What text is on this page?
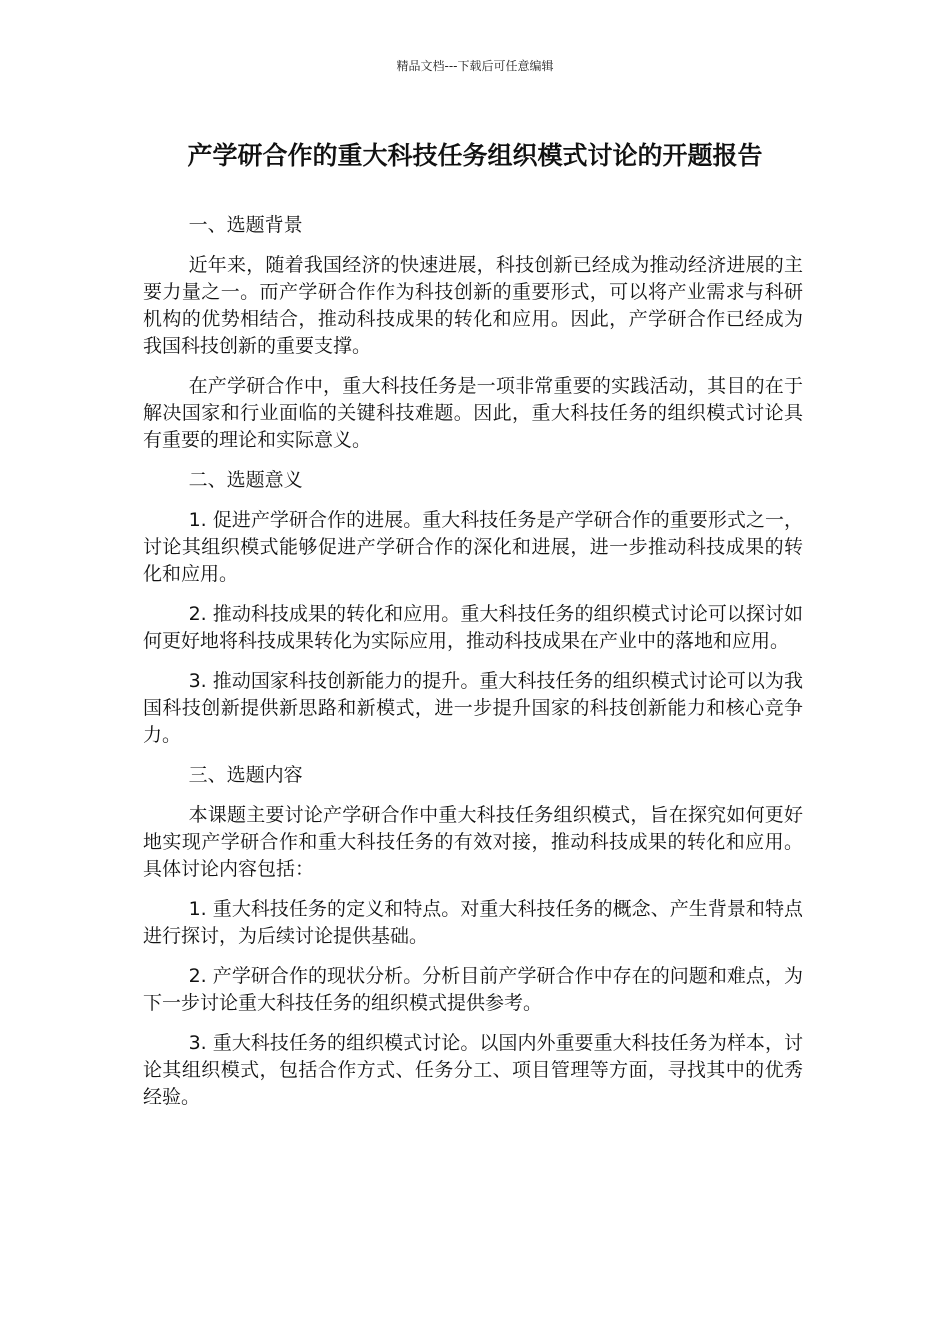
精品文档---下载后可任意编辑
产学研合作的重大科技任务组织模式讨论的开题报告

一、选题背景

近年来，随着我国经济的快速进展，科技创新已经成为推动经济进展的主要力量之一。而产学研合作作为科技创新的重要形式，可以将产业需求与科研机构的优势相结合，推动科技成果的转化和应用。因此，产学研合作已经成为我国科技创新的重要支撑。

在产学研合作中，重大科技任务是一项非常重要的实践活动，其目的在于解决国家和行业面临的关键科技难题。因此，重大科技任务的组织模式讨论具有重要的理论和实际意义。

二、选题意义

1. 促进产学研合作的进展。重大科技任务是产学研合作的重要形式之一，讨论其组织模式能够促进产学研合作的深化和进展，进一步推动科技成果的转化和应用。

2. 推动科技成果的转化和应用。重大科技任务的组织模式讨论可以探讨如何更好地将科技成果转化为实际应用，推动科技成果在产业中的落地和应用。

3. 推动国家科技创新能力的提升。重大科技任务的组织模式讨论可以为我国科技创新提供新思路和新模式，进一步提升国家的科技创新能力和核心竞争力。

三、选题内容

本课题主要讨论产学研合作中重大科技任务组织模式，旨在探究如何更好地实现产学研合作和重大科技任务的有效对接，推动科技成果的转化和应用。具体讨论内容包括：

1. 重大科技任务的定义和特点。对重大科技任务的概念、产生背景和特点进行探讨，为后续讨论提供基础。

2. 产学研合作的现状分析。分析目前产学研合作中存在的问题和难点，为下一步讨论重大科技任务的组织模式提供参考。

3. 重大科技任务的组织模式讨论。以国内外重要重大科技任务为样本，讨论其组织模式，包括合作方式、任务分工、项目管理等方面，寻找其中的优秀经验。
